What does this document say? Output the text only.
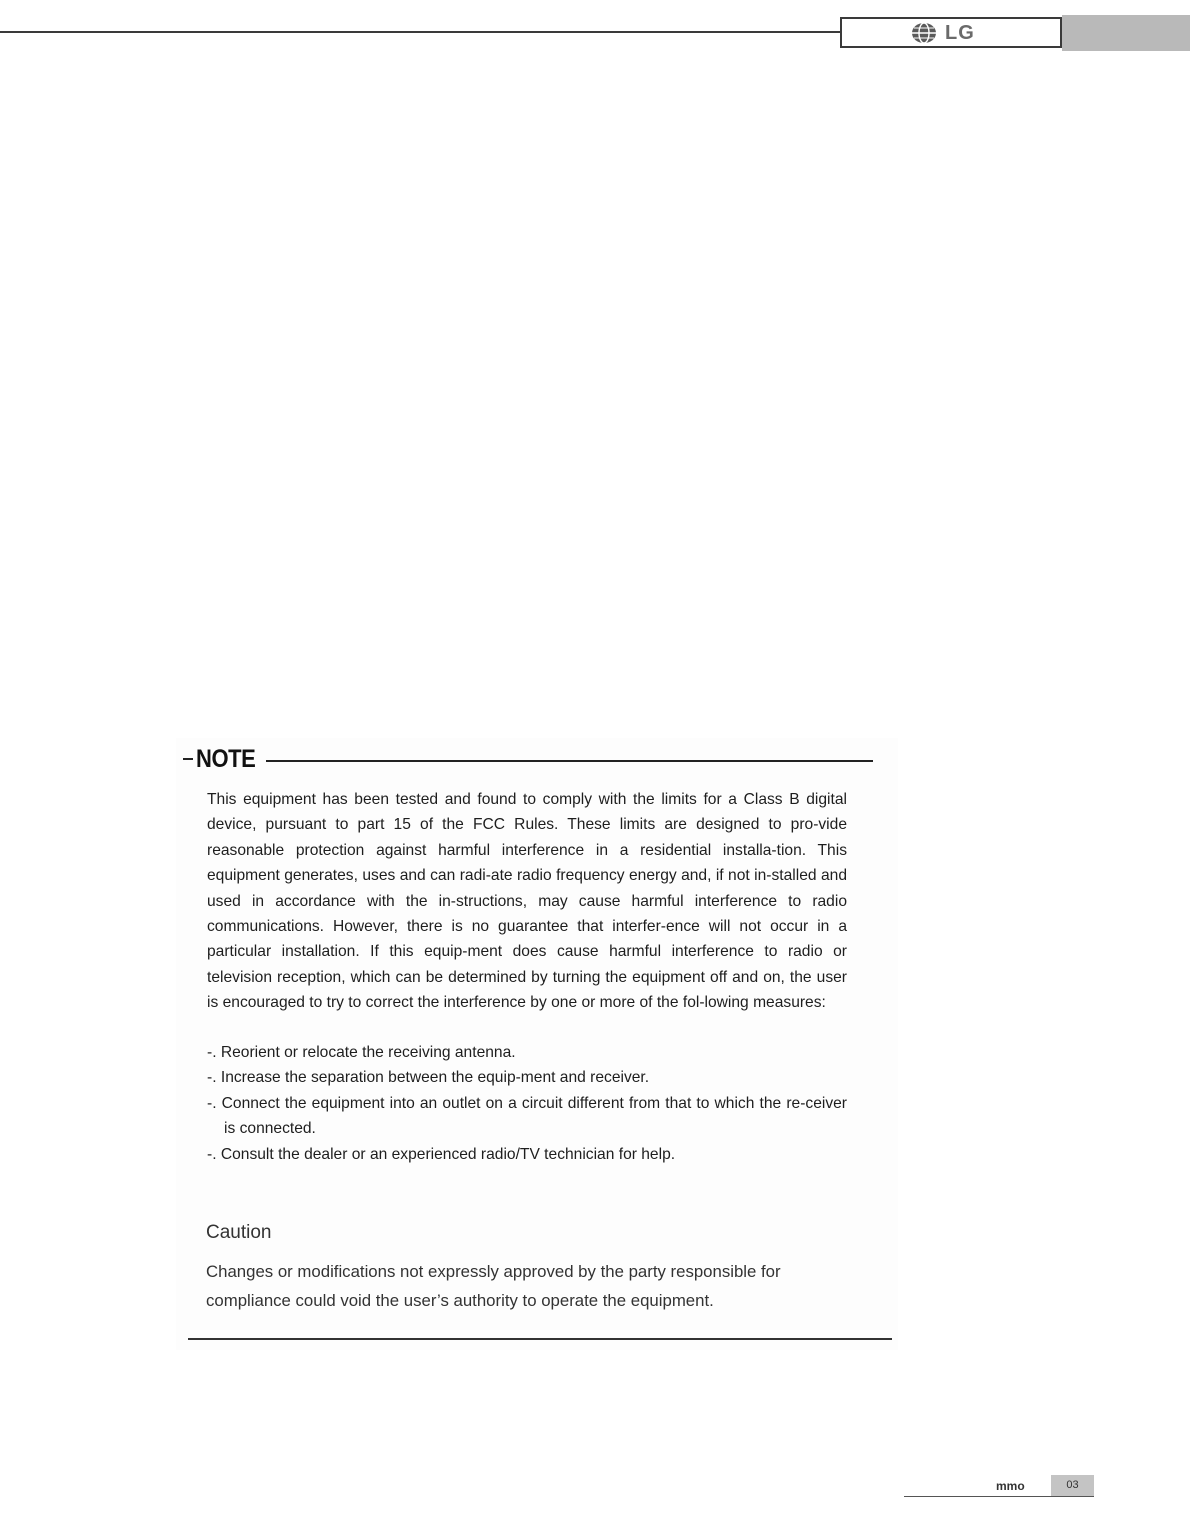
LG
NOTE

This equipment has been tested and found to comply with the limits for a Class B digital device, pursuant to part 15 of the FCC Rules. These limits are designed to pro-vide reasonable protection against harmful interference in a residential installa-tion. This equipment generates, uses and can radi-ate radio frequency energy and, if not in-stalled and used in accordance with the in-structions, may cause harmful interference to radio communications. However, there is no guarantee that interfer-ence will not occur in a particular installation. If this equip-ment does cause harmful interference to radio or television reception, which can be determined by turning the equipment off and on, the user is encouraged to try to correct the interference by one or more of the fol-lowing measures:

-. Reorient or relocate the receiving antenna.
-. Increase the separation between the equip-ment and receiver.
-. Connect the equipment into an outlet on a circuit different from that to which the re-ceiver is connected.
-. Consult the dealer or an experienced radio/TV technician for help.
Caution

Changes or modifications not expressly approved by the party responsible for compliance could void the user’s authority to operate the equipment.

mmo	03
